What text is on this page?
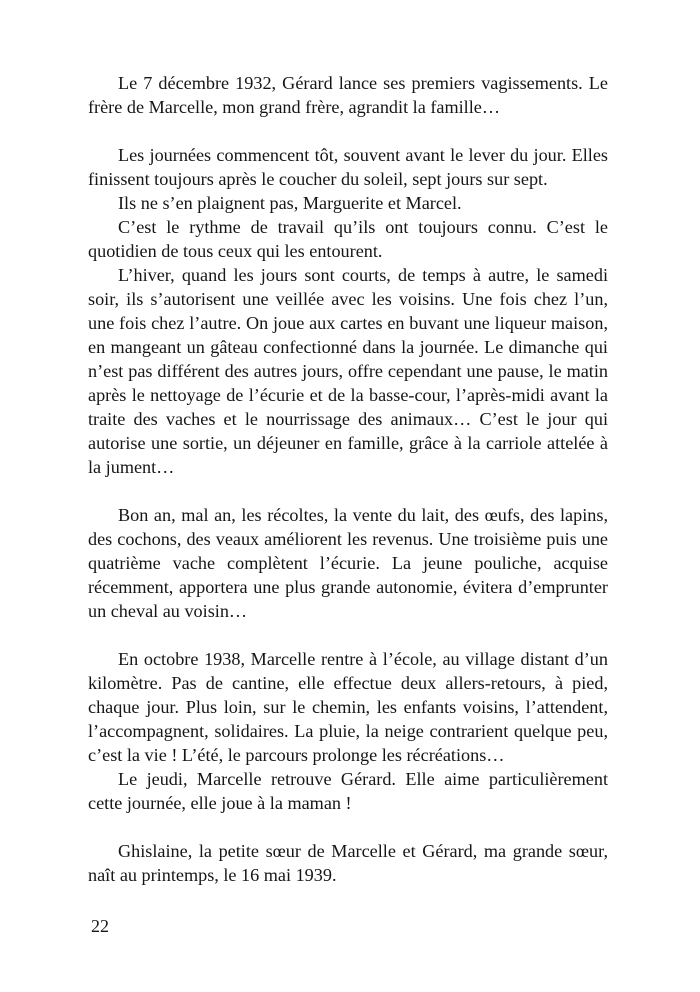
Le 7 décembre 1932, Gérard lance ses premiers vagissements. Le frère de Marcelle, mon grand frère, agrandit la famille…

Les journées commencent tôt, souvent avant le lever du jour. Elles finissent toujours après le coucher du soleil, sept jours sur sept.

Ils ne s’en plaignent pas, Marguerite et Marcel.

C’est le rythme de travail qu’ils ont toujours connu. C’est le quotidien de tous ceux qui les entourent.

L’hiver, quand les jours sont courts, de temps à autre, le samedi soir, ils s’autorisent une veillée avec les voisins. Une fois chez l’un, une fois chez l’autre. On joue aux cartes en buvant une liqueur maison, en mangeant un gâteau confectionné dans la journée. Le dimanche qui n’est pas différent des autres jours, offre cependant une pause, le matin après le nettoyage de l’écurie et de la basse-cour, l’après-midi avant la traite des vaches et le nourrissage des animaux… C’est le jour qui autorise une sortie, un déjeuner en famille, grâce à la carriole attelée à la jument…

Bon an, mal an, les récoltes, la vente du lait, des œufs, des lapins, des cochons, des veaux améliorent les revenus. Une troisième puis une quatrième vache complètent l’écurie. La jeune pouliche, acquise récemment, apportera une plus grande autonomie, évitera d’emprunter un cheval au voisin…

En octobre 1938, Marcelle rentre à l’école, au village distant d’un kilomètre. Pas de cantine, elle effectue deux allers-retours, à pied, chaque jour. Plus loin, sur le chemin, les enfants voisins, l’attendent, l’accompagnent, solidaires. La pluie, la neige contrarient quelque peu, c’est la vie ! L’été, le parcours prolonge les récréations…

Le jeudi, Marcelle retrouve Gérard. Elle aime particulièrement cette journée, elle joue à la maman !

Ghislaine, la petite sœur de Marcelle et Gérard, ma grande sœur, naît au printemps, le 16 mai 1939.

22
